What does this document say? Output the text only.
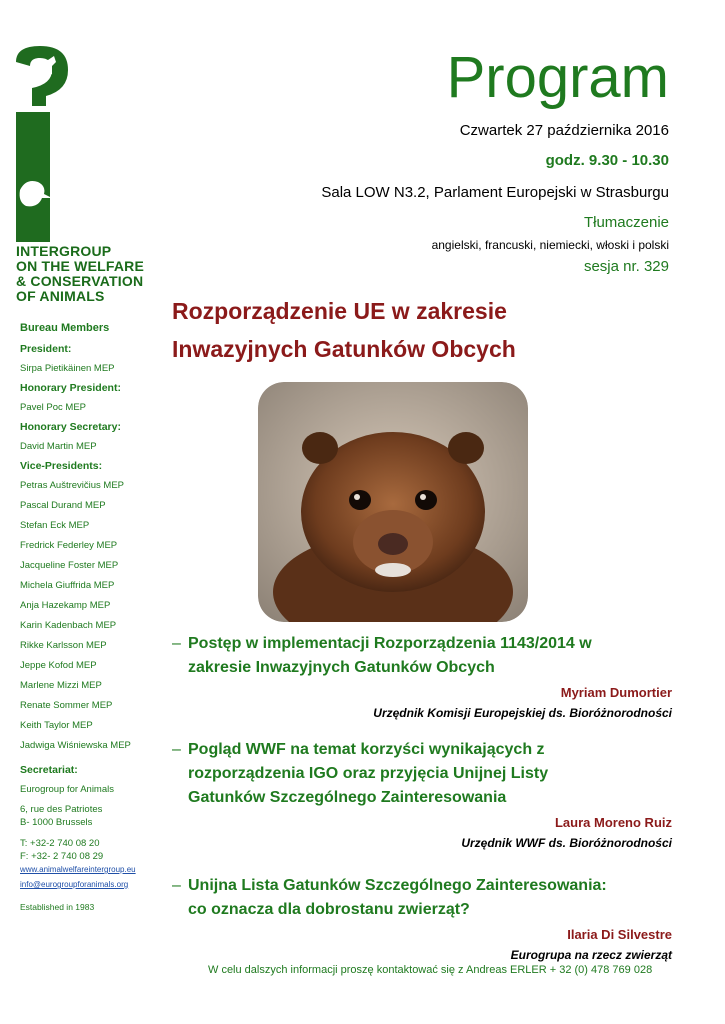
INTERGROUP
ON THE WELFARE
& CONSERVATION
OF ANIMALS
Bureau Members
President:
Sirpa Pietikäinen MEP
Honorary President:
Pavel Poc MEP
Honorary Secretary:
David Martin MEP
Vice-Presidents:
Petras Auštrevičius MEP
Pascal Durand MEP
Stefan Eck MEP
Fredrick Federley MEP
Jacqueline Foster MEP
Michela Giuffrida MEP
Anja Hazekamp MEP
Karin Kadenbach MEP
Rikke Karlsson MEP
Jeppe Kofod MEP
Marlene Mizzi MEP
Renate Sommer MEP
Keith Taylor MEP
Jadwiga Wiśniewska MEP
Secretariat:
Eurogroup for Animals
6, rue des Patriotes
B- 1000 Brussels
T: +32-2 740 08 20
F: +32- 2 740 08 29
www.animalwelfareintergroup.eu
info@eurogroupforanimals.org
Established in 1983
Program
Czwartek 27 października 2016
godz. 9.30 - 10.30
Sala LOW N3.2, Parlament Europejski w Strasburgu
Tłumaczenie
angielski, francuski, niemiecki, włoski i polski
sesja nr. 329
Rozporządzenie UE w zakresie
Inwazyjnych Gatunków Obcych
– Postęp w implementacji Rozporządzenia 1143/2014 w
zakresie Inwazyjnych Gatunków Obcych
Myriam Dumortier
Urzędnik Komisji Europejskiej ds. Bioróżnorodności
– Pogląd WWF na temat korzyści wynikających z
rozporządzenia IGO oraz przyjęcia Unijnej Listy
Gatunków Szczególnego Zainteresowania
Laura Moreno Ruiz
Urzędnik WWF ds. Bioróżnorodności
– Unijna Lista Gatunków Szczególnego Zainteresowania:
co oznacza dla dobrostanu zwierząt?
Ilaria Di Silvestre
Eurogrupa na rzecz zwierząt
W celu dalszych informacji proszę kontaktować się z Andreas ERLER + 32 (0) 478 769 028
